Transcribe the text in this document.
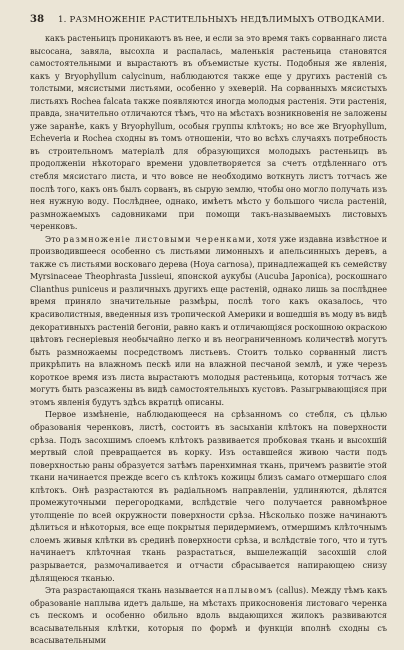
38 1. РАЗМНОЖЕНІЕ РАСТИТЕЛЬНЫХЪ НЕДѢЛИМЫХЪ ОТВОДКАМИ.

какъ растеньицъ проникаютъ въ нее, и если за это время такъ сорваннаго листа высосана, завяла, высохла и распалась, маленькія растеньица становятся самостоятельными и вырастаютъ въ объемистые кусты. Подобныя же явленія, какъ у Bryophyllum calycinum, наблюдаются также еще у другихъ растеній съ толстыми, мясистыми листьями, особенно у эхеверій. На сорванныхъ мясистыхъ листьяхъ Rochea falcata также появляются иногда молодыя растенія. Эти растенія, правда, значительно отличаются тѣмъ, что на мѣстахъ возникновенія не заложены уже заранѣе, какъ у Bryophyllum, особыя группы клѣтокъ; но все же Bryophyllum, Echeveria и Rochea сходны въ томъ отношеніи, что во всѣхъ случаяхъ потребность въ строительномъ матеріалѣ для образующихся молодыхъ растеньицъ въ продолженіи нѣкотораго времени удовлетворяется за счетъ отдѣленнаго отъ стебля мясистаго листа, и что вовсе не необходимо воткнуть листъ тотчасъ же послѣ того, какъ онъ былъ сорванъ, въ сырую землю, чтобы оно могло получать изъ нея нужную воду. Послѣднее, однако, имѣетъ мѣсто у большого числа растеній, размножаемыхъ садовниками при помощи такъ-называемыхъ листовыхъ черенковъ.

Это размноженіе листовыми черенками, хотя уже издавна извѣстное и производившееся особенно съ листьями лимонныхъ и апельсинныхъ деревъ, а также съ листьями восковаго дерева (Hoya carnosa), принадлежащей къ семейству Myrsinaceae Theophrasta Jussieui, японской аукубы (Aucuba Japonica), роскошнаго Clianthus puniceus и различныхъ другихъ еще растеній, однако лишь за послѣднее время приняло значительные размѣры, послѣ того какъ оказалось, что красиволистныя, введенныя изъ тропической Америки и вошедшія въ моду въ видѣ декоративныхъ растеній бегоніи, равно какъ и отличающіяся роскошною окраскою цвѣтовъ геснеріевыя необычайно легко и въ неограниченномъ количествѣ могутъ быть размножаемы посредствомъ листьевъ. Стоитъ только сорванный листъ прикрѣпить на влажномъ пескѣ или на влажной песчаной землѣ, и уже черезъ короткое время изъ листа вырастаютъ молодыя растеньица, которыя тотчасъ же могутъ быть разсажены въ видѣ самостоятельныхъ кустовъ. Разыгрывающіяся при этомъ явленія будутъ здѣсь вкратцѣ описаны.

Первое измѣненіе, наблюдающееся на срѣзанномъ со стебля, съ цѣлью образованія черенковъ, листѣ, состоитъ въ засыханіи клѣтокъ на поверхности срѣза. Подъ засохшимъ слоемъ клѣтокъ развивается пробковая ткань и высохшій мертвый слой превращается въ корку. Изъ оставшейся живою части подъ поверхностью раны образуется затѣмъ паренхимная ткань, причемъ развитіе этой ткани начинается прежде всего съ клѣтокъ кожицы близъ самаго отмершаго слоя клѣтокъ. Онѣ разрастаются въ радіальномъ направленіи, удлиняются, дѣлятся промежуточными перегородками, вслѣдствіе чего получается равномѣрное утолщеніе по всей окружности поверхности срѣза. Нѣсколько позже начинаютъ дѣлиться и нѣкоторыя, все еще покрытыя перидермиемъ, отмершимъ клѣточнымъ слоемъ живыя клѣтки въ срединѣ поверхности срѣза, и вслѣдствіе того, что и тутъ начинаетъ клѣточная ткань разрастаться, вышележащій засохшій слой разрывается, размочаливается и отчасти сбрасывается напирающею снизу дѣлящеюся тканью.

Эта разрастающаяся ткань называется наплывомъ (callus). Между тѣмъ какъ образованіе наплыва идетъ дальше, на мѣстахъ прикосновенія листоваго черенка съ пескомъ и особенно обильно вдоль выдающихся жилокъ развиваются всасывательныя клѣтки, которыя по формѣ и функціи вполнѣ сходны съ всасывательными
